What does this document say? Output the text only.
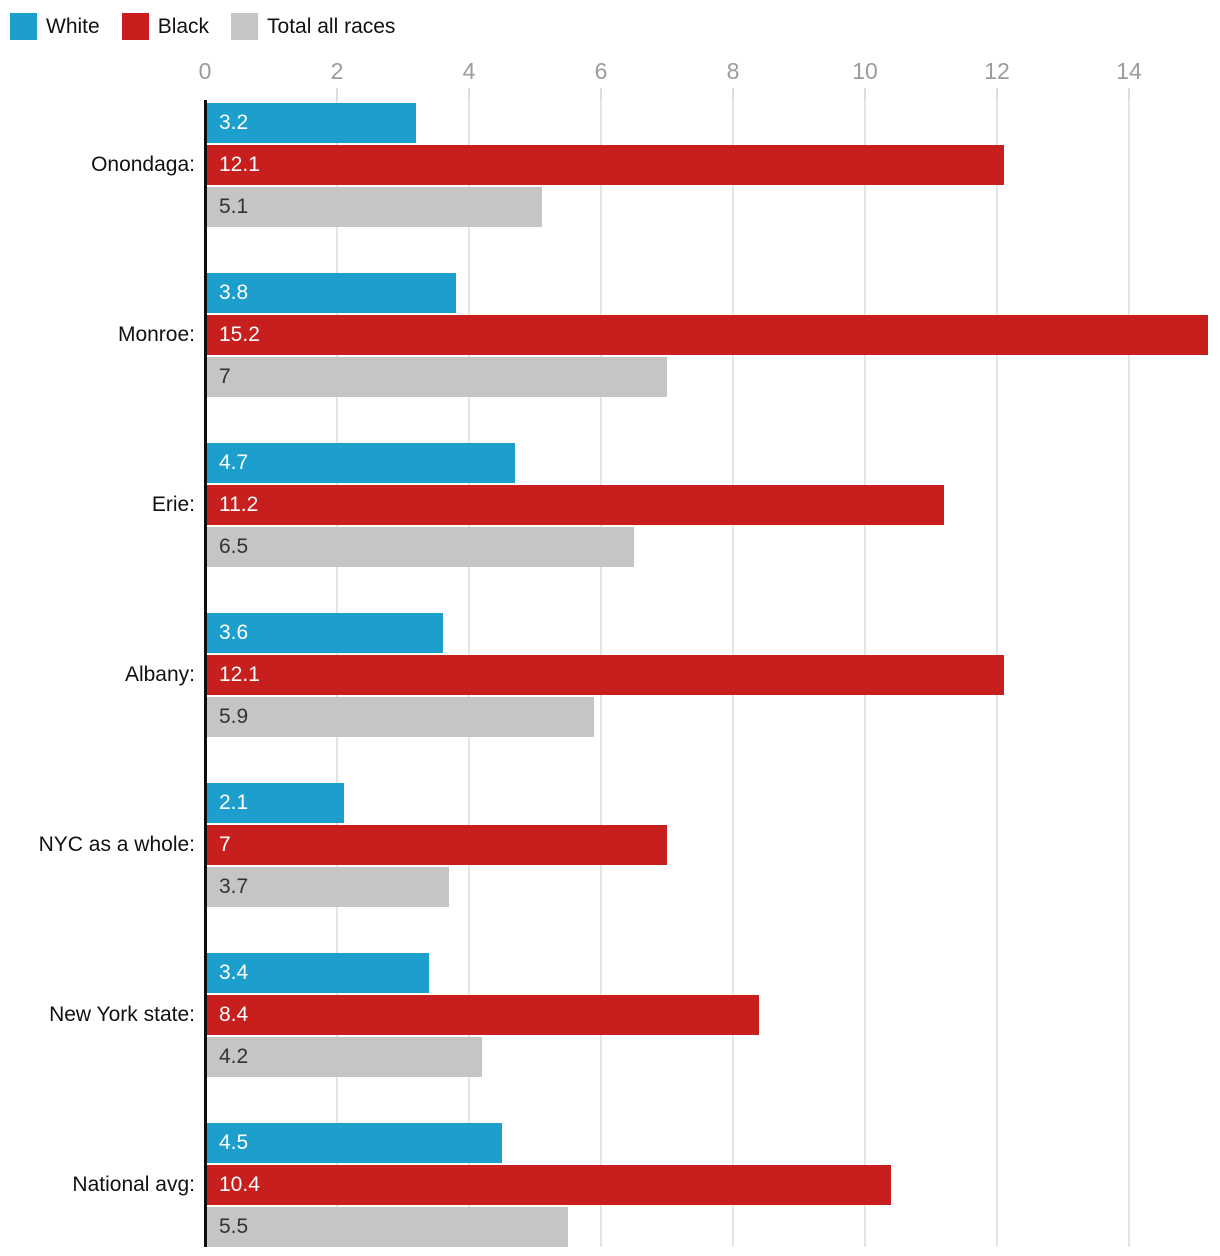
White	Black	Total all races
0	2	4	6	8	10	12	14
Onondaga:
3.2
12.1
5.1
Monroe:
3.8
15.2
7
Erie:
4.7
11.2
6.5
Albany:
3.6
12.1
5.9
NYC as a whole:
2.1
7
3.7
New York state:
3.4
8.4
4.2
National avg:
4.5
10.4
5.5
